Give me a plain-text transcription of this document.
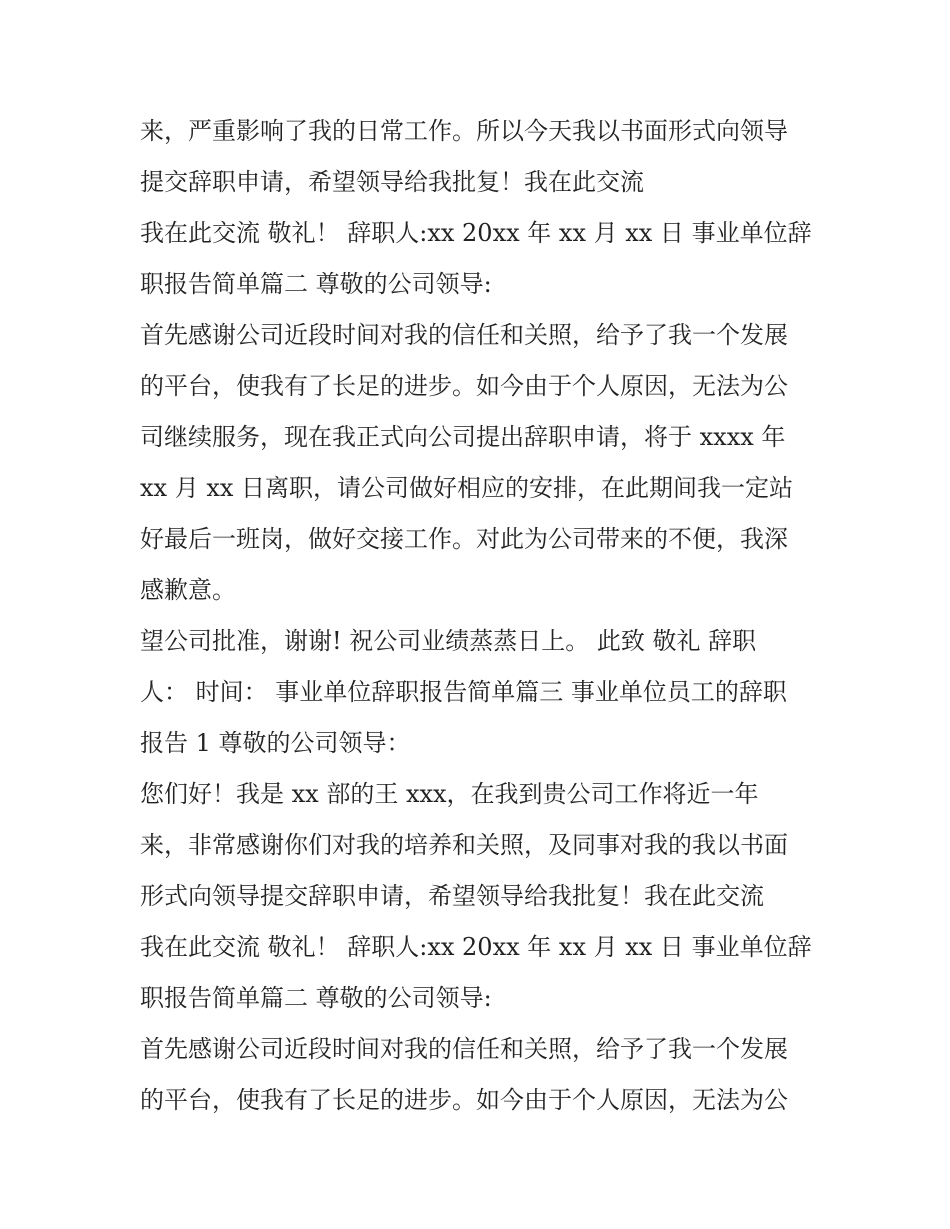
来，严重影响了我的日常工作。所以今天我以书面形式向领导
提交辞职申请，希望领导给我批复！我在此交流
我在此交流 敬礼！ 辞职人:xx 20xx 年 xx 月 xx 日 事业单位辞
职报告简单篇二 尊敬的公司领导:
首先感谢公司近段时间对我的信任和关照，给予了我一个发展
的平台，使我有了长足的进步。如今由于个人原因，无法为公
司继续服务，现在我正式向公司提出辞职申请，将于 xxxx 年
xx 月 xx 日离职，请公司做好相应的安排，在此期间我一定站
好最后一班岗，做好交接工作。对此为公司带来的不便，我深
感歉意。
望公司批准，谢谢! 祝公司业绩蒸蒸日上。 此致 敬礼 辞职
人： 时间： 事业单位辞职报告简单篇三 事业单位员工的辞职
报告 1 尊敬的公司领导：
您们好！我是 xx 部的王 xxx，在我到贵公司工作将近一年
来，非常感谢你们对我的培养和关照，及同事对我的我以书面
形式向领导提交辞职申请，希望领导给我批复！我在此交流
我在此交流 敬礼！ 辞职人:xx 20xx 年 xx 月 xx 日 事业单位辞
职报告简单篇二 尊敬的公司领导:
首先感谢公司近段时间对我的信任和关照，给予了我一个发展
的平台，使我有了长足的进步。如今由于个人原因，无法为公
